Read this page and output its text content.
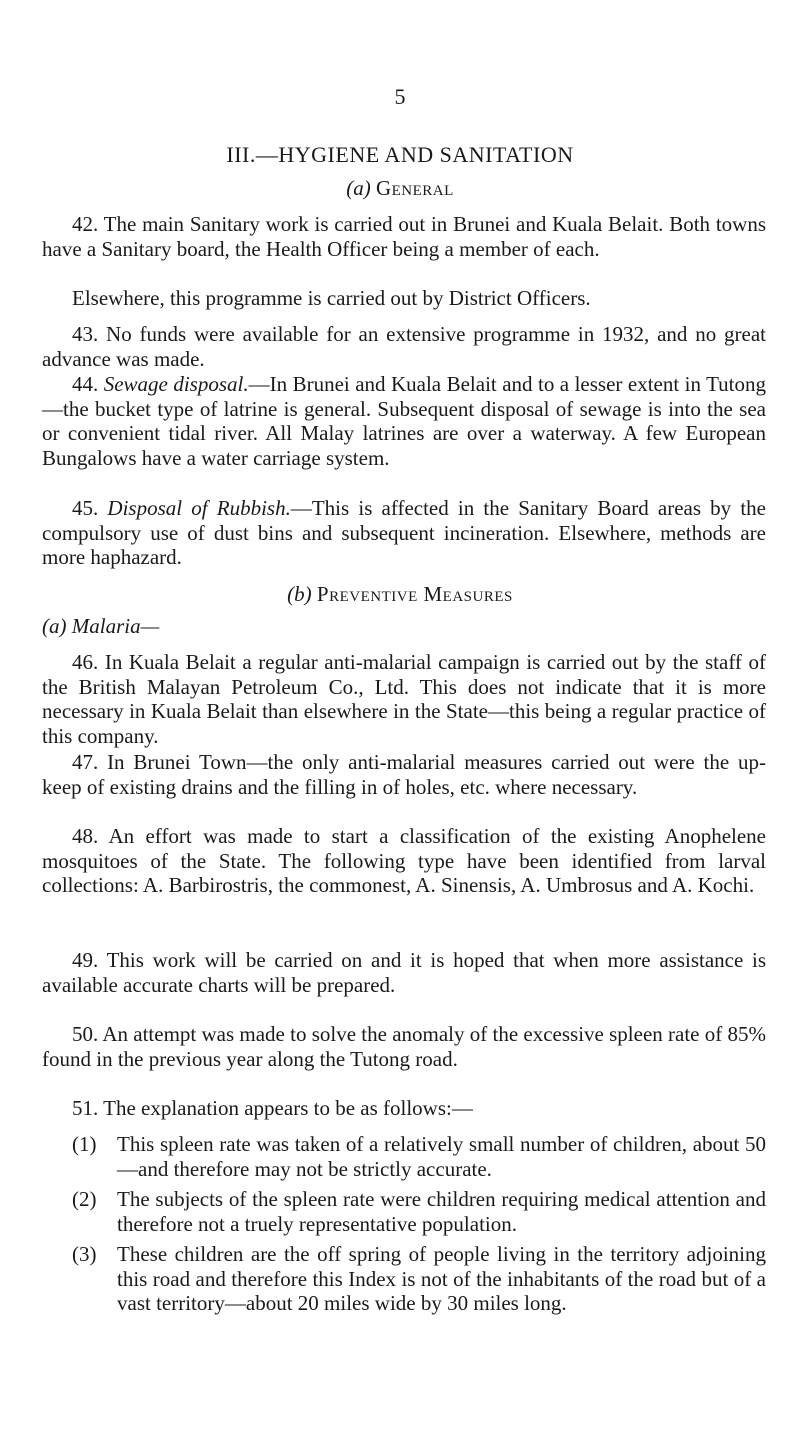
5
III.—HYGIENE AND SANITATION
(a) General
42. The main Sanitary work is carried out in Brunei and Kuala Belait. Both towns have a Sanitary board, the Health Officer being a member of each.
Elsewhere, this programme is carried out by District Officers.
43. No funds were available for an extensive programme in 1932, and no great advance was made.
44. Sewage disposal.—In Brunei and Kuala Belait and to a lesser extent in Tutong—the bucket type of latrine is general. Subsequent disposal of sewage is into the sea or convenient tidal river. All Malay latrines are over a waterway. A few European Bungalows have a water carriage system.
45. Disposal of Rubbish.—This is affected in the Sanitary Board areas by the compulsory use of dust bins and subsequent incineration. Elsewhere, methods are more haphazard.
(b) Preventive Measures
(a) Malaria—
46. In Kuala Belait a regular anti-malarial campaign is carried out by the staff of the British Malayan Petroleum Co., Ltd. This does not indicate that it is more necessary in Kuala Belait than elsewhere in the State—this being a regular practice of this company.
47. In Brunei Town—the only anti-malarial measures carried out were the up-keep of existing drains and the filling in of holes, etc. where necessary.
48. An effort was made to start a classification of the existing Anophelene mosquitoes of the State. The following type have been identified from larval collections: A. Barbirostris, the commonest, A. Sinensis, A. Umbrosus and A. Kochi.
49. This work will be carried on and it is hoped that when more assistance is available accurate charts will be prepared.
50. An attempt was made to solve the anomaly of the excessive spleen rate of 85% found in the previous year along the Tutong road.
51. The explanation appears to be as follows:—
(1) This spleen rate was taken of a relatively small number of children, about 50—and therefore may not be strictly accurate.
(2) The subjects of the spleen rate were children requiring medical attention and therefore not a truely representative population.
(3) These children are the off spring of people living in the territory adjoining this road and therefore this Index is not of the inhabitants of the road but of a vast territory—about 20 miles wide by 30 miles long.
